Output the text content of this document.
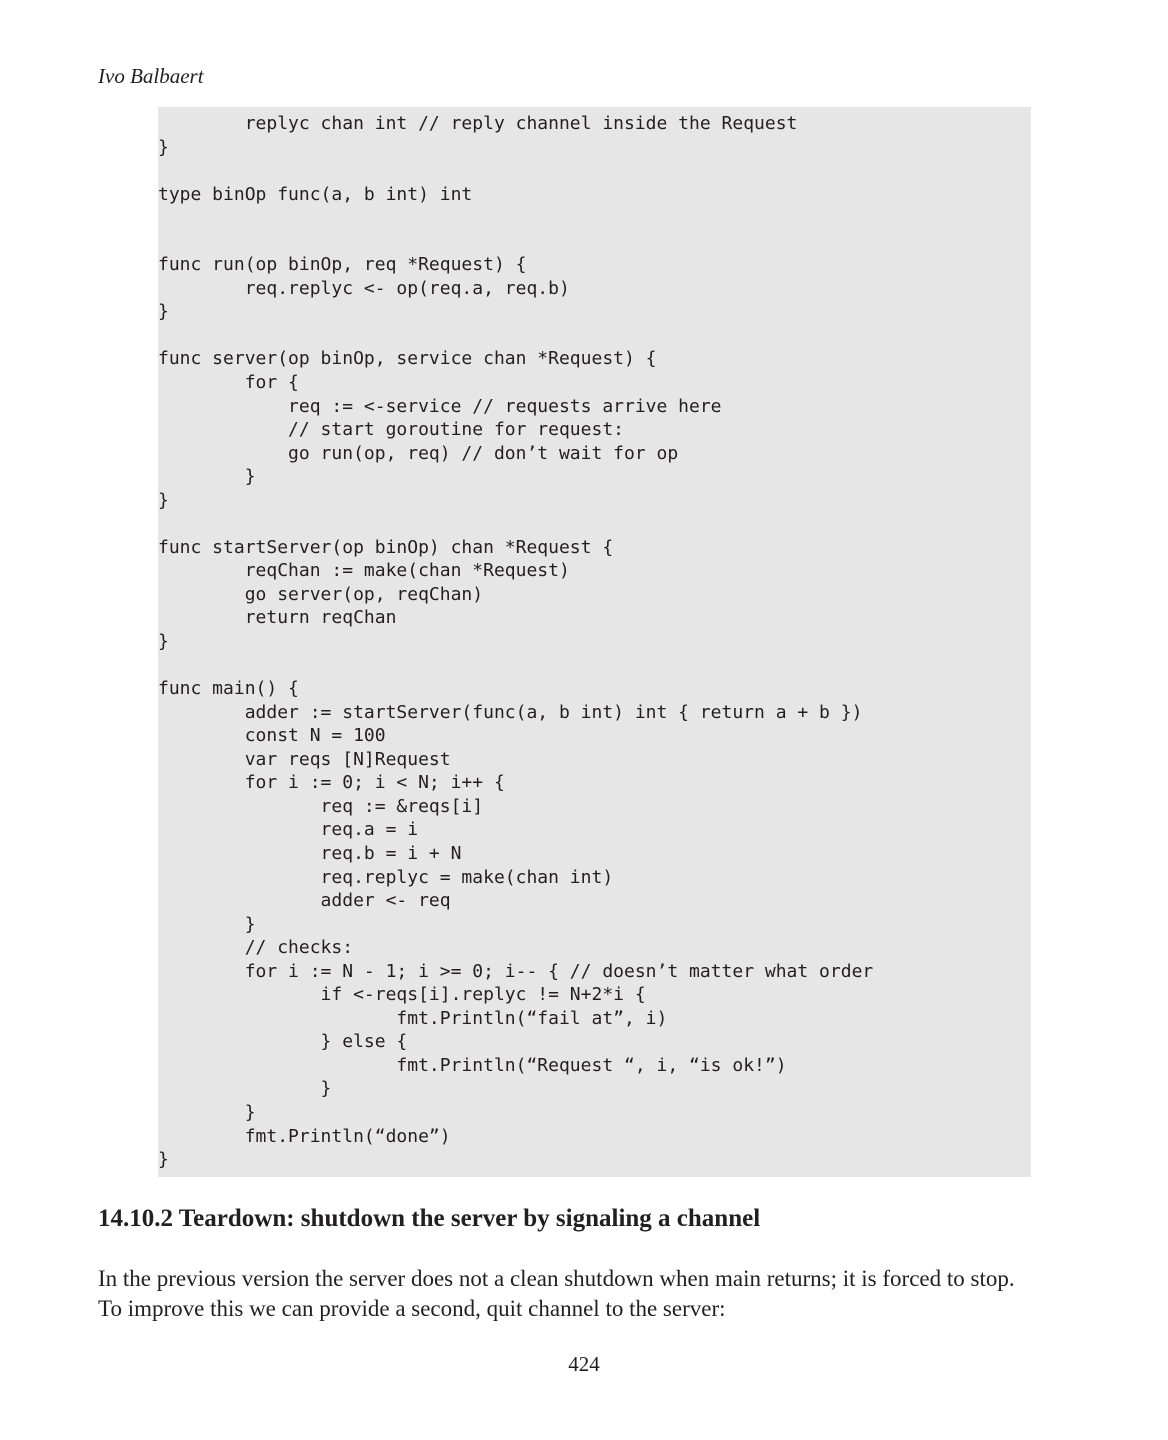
Ivo Balbaert
replyc chan int // reply channel inside the Request
}
type binOp func(a, b int) int
func run(op binOp, req *Request) {
req.replyc <- op(req.a, req.b)
}
func server(op binOp, service chan *Request) {
for {
req := <-service // requests arrive here
// start goroutine for request:
go run(op, req) // don’t wait for op
}
}
func startServer(op binOp) chan *Request {
reqChan := make(chan *Request)
go server(op, reqChan)
return reqChan
}
func main() {
adder := startServer(func(a, b int) int { return a + b })
const N = 100
var reqs [N]Request
for i := 0; i < N; i++ {
req := &reqs[i]
req.a = i
req.b = i + N
req.replyc = make(chan int)
adder <- req
}
// checks:
for i := N - 1; i >= 0; i-- { // doesn’t matter what order
if <-reqs[i].replyc != N+2*i {
fmt.Println(“fail at”, i)
} else {
fmt.Println(“Request “, i, “is ok!”)
}
}
fmt.Println(“done”)
}
14.10.2 Teardown: shutdown the server by signaling a channel

In the previous version the server does not a clean shutdown when main returns; it is forced to stop.
To improve this we can provide a second, quit channel to the server:

424
